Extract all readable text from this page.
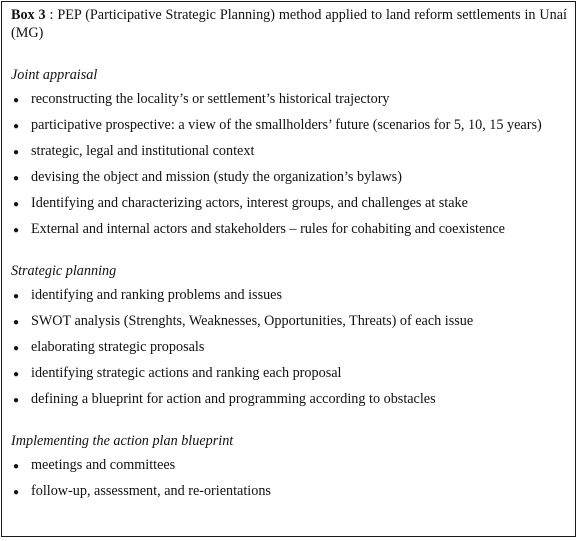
Box 3 : PEP (Participative Strategic Planning) method applied to land reform settlements in Unaí (MG)
Joint appraisal
● reconstructing the locality’s or settlement’s historical trajectory
● participative prospective: a view of the smallholders’ future (scenarios for 5, 10, 15 years)
● strategic, legal and institutional context
● devising the object and mission (study the organization’s bylaws)
● Identifying and characterizing actors, interest groups, and challenges at stake
● External and internal actors and stakeholders – rules for cohabiting and coexistence
Strategic planning
● identifying and ranking problems and issues
● SWOT analysis (Strenghts, Weaknesses, Opportunities, Threats) of each issue
● elaborating strategic proposals
● identifying strategic actions and ranking each proposal
● defining a blueprint for action and programming according to obstacles
Implementing the action plan blueprint
● meetings and committees
● follow-up, assessment, and re-orientations
